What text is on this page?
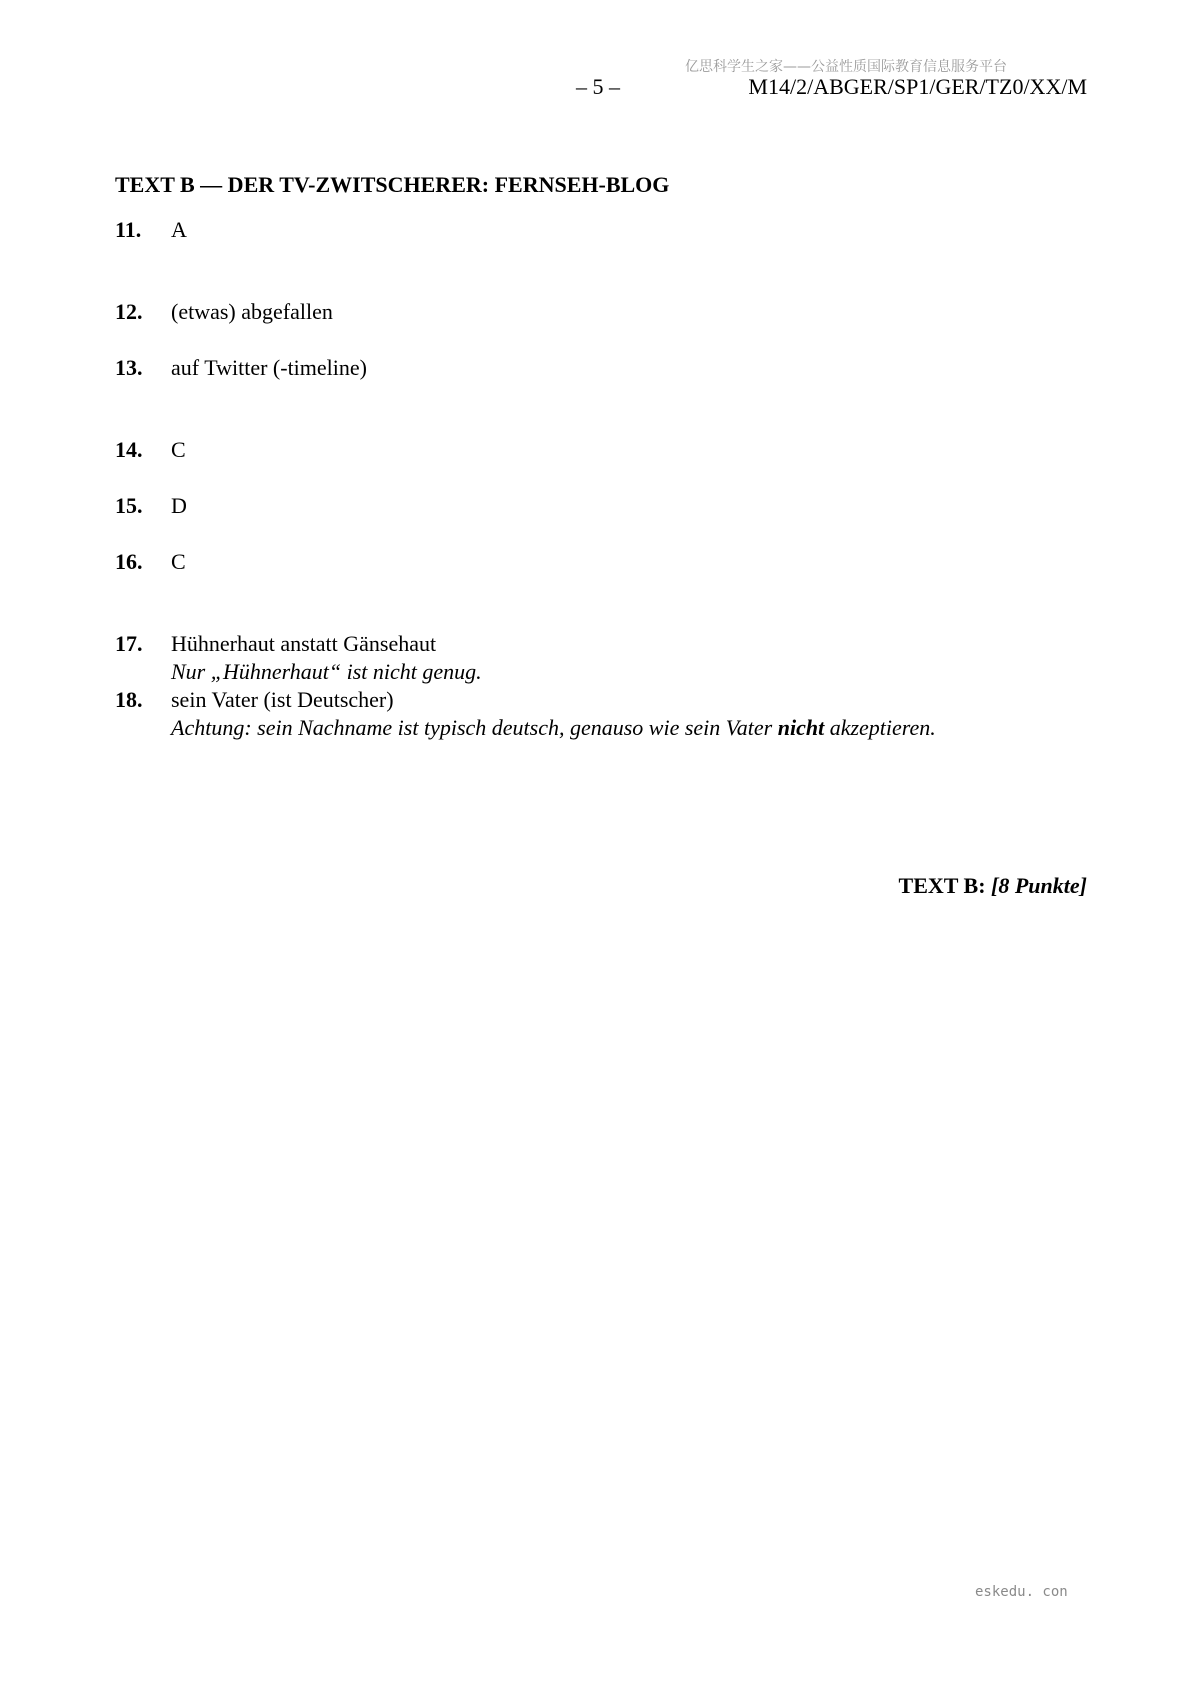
亿思科学生之家——公益性质国际教育信息服务平台
– 5 –	M14/2/ABGER/SP1/GER/TZ0/XX/M
TEXT B — DER TV-ZWITSCHERER: FERNSEH-BLOG
11. A
12. (etwas) abgefallen
13. auf Twitter (-timeline)
14. C
15. D
16. C
17. Hühnerhaut anstatt Gänsehaut
Nur „Hühnerhaut“ ist nicht genug.
18. sein Vater (ist Deutscher)
Achtung: sein Nachname ist typisch deutsch, genauso wie sein Vater nicht akzeptieren.
TEXT B: [8 Punkte]
eskedu. con
